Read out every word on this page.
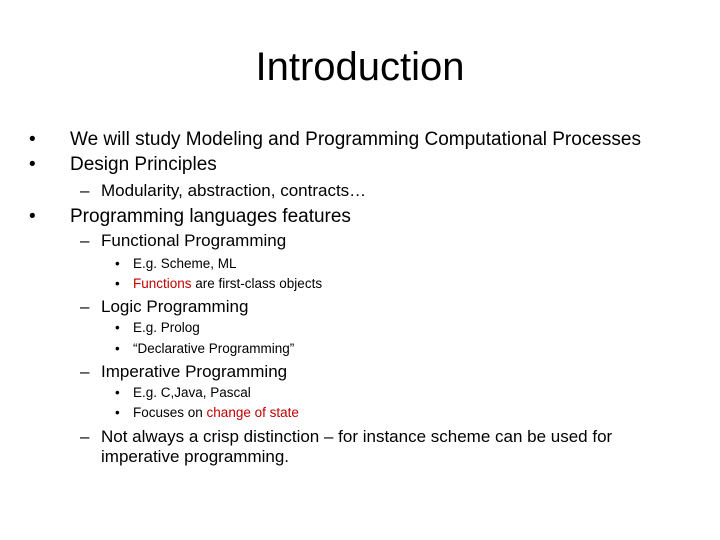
Introduction
• We will study Modeling and Programming Computational Processes
• Design Principles
– Modularity, abstraction, contracts…
• Programming languages features
– Functional Programming
• E.g. Scheme, ML
• Functions are first-class objects
– Logic Programming
• E.g. Prolog
• “Declarative Programming”
– Imperative Programming
• E.g. C,Java, Pascal
• Focuses on change of state
– Not always a crisp distinction – for instance scheme can be used for
imperative programming.
